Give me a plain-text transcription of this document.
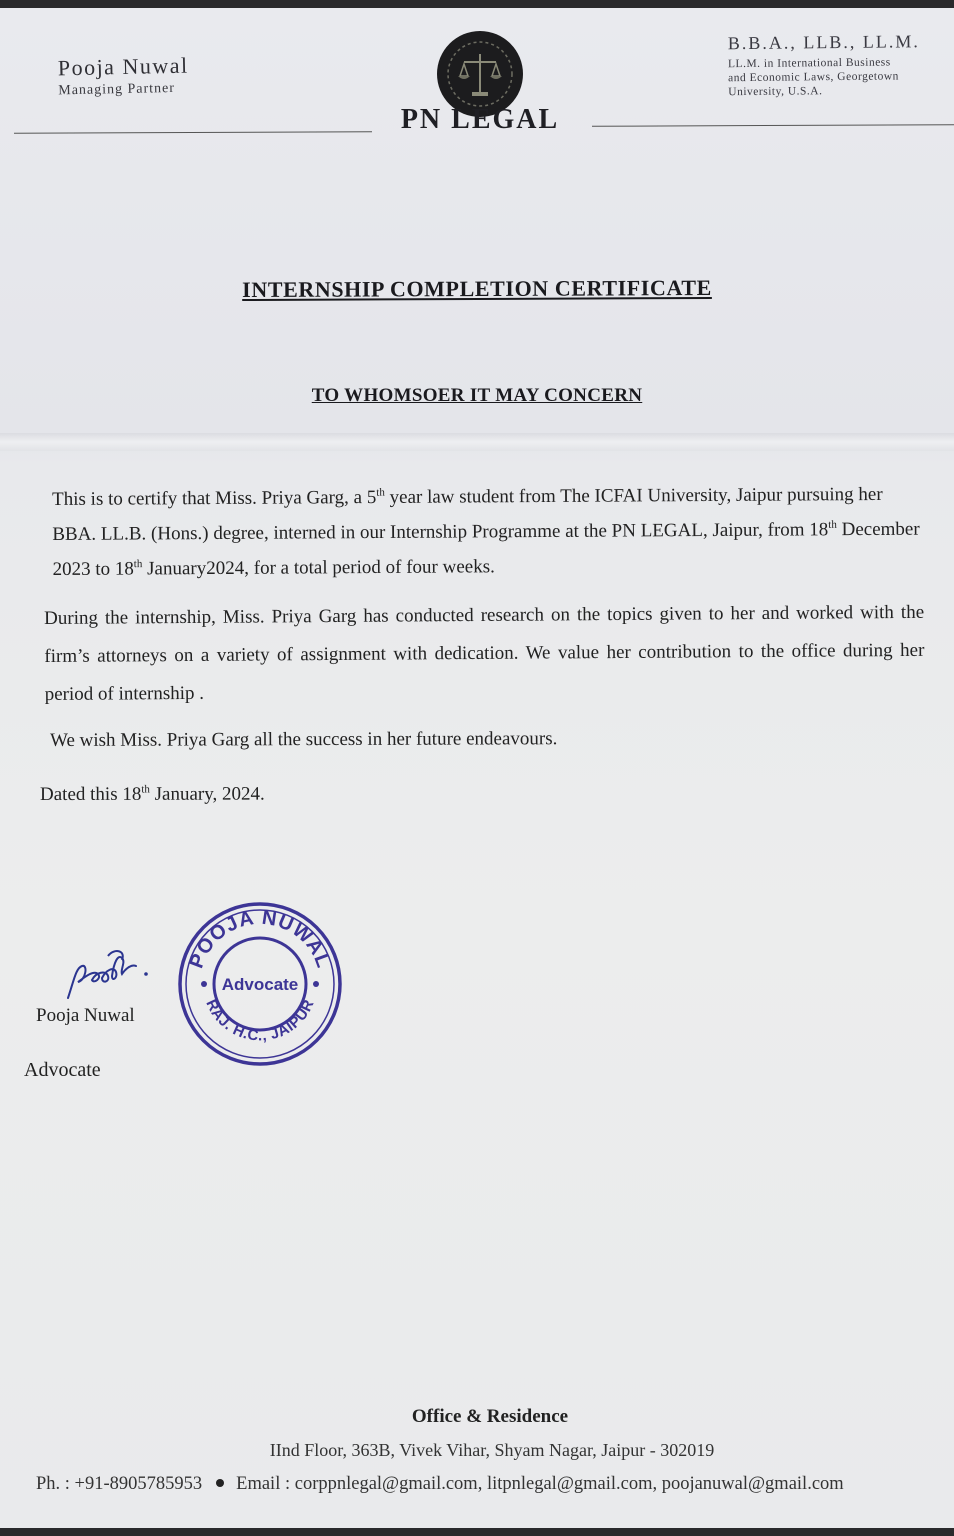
Pooja Nuwal
Managing Partner
PN LEGAL
B.B.A., LLB., LL.M.
LL.M. in International Business
and Economic Laws, Georgetown
University, U.S.A.
INTERNSHIP COMPLETION CERTIFICATE
TO WHOMSOER IT MAY CONCERN
This is to certify that Miss. Priya Garg, a 5th year law student from The ICFAI University, Jaipur pursuing her BBA. LL.B. (Hons.) degree, interned in our Internship Programme at the PN LEGAL, Jaipur, from 18th December 2023 to 18th January2024, for a total period of four weeks.
During the internship, Miss. Priya Garg has conducted research on the topics given to her and worked with the firm’s attorneys on a variety of assignment with dedication. We value her contribution to the office during her period of internship .
We wish Miss. Priya Garg all the success in her future endeavours.
Dated this 18th January, 2024.
Pooja Nuwal
Advocate
POOJA NUWAL
RAJ. H.C., JAIPUR
Advocate
Office & Residence
IInd Floor, 363B, Vivek Vihar, Shyam Nagar, Jaipur - 302019
Ph. : +91-8905785953 Email : corppnlegal@gmail.com, litpnlegal@gmail.com, poojanuwal@gmail.com
